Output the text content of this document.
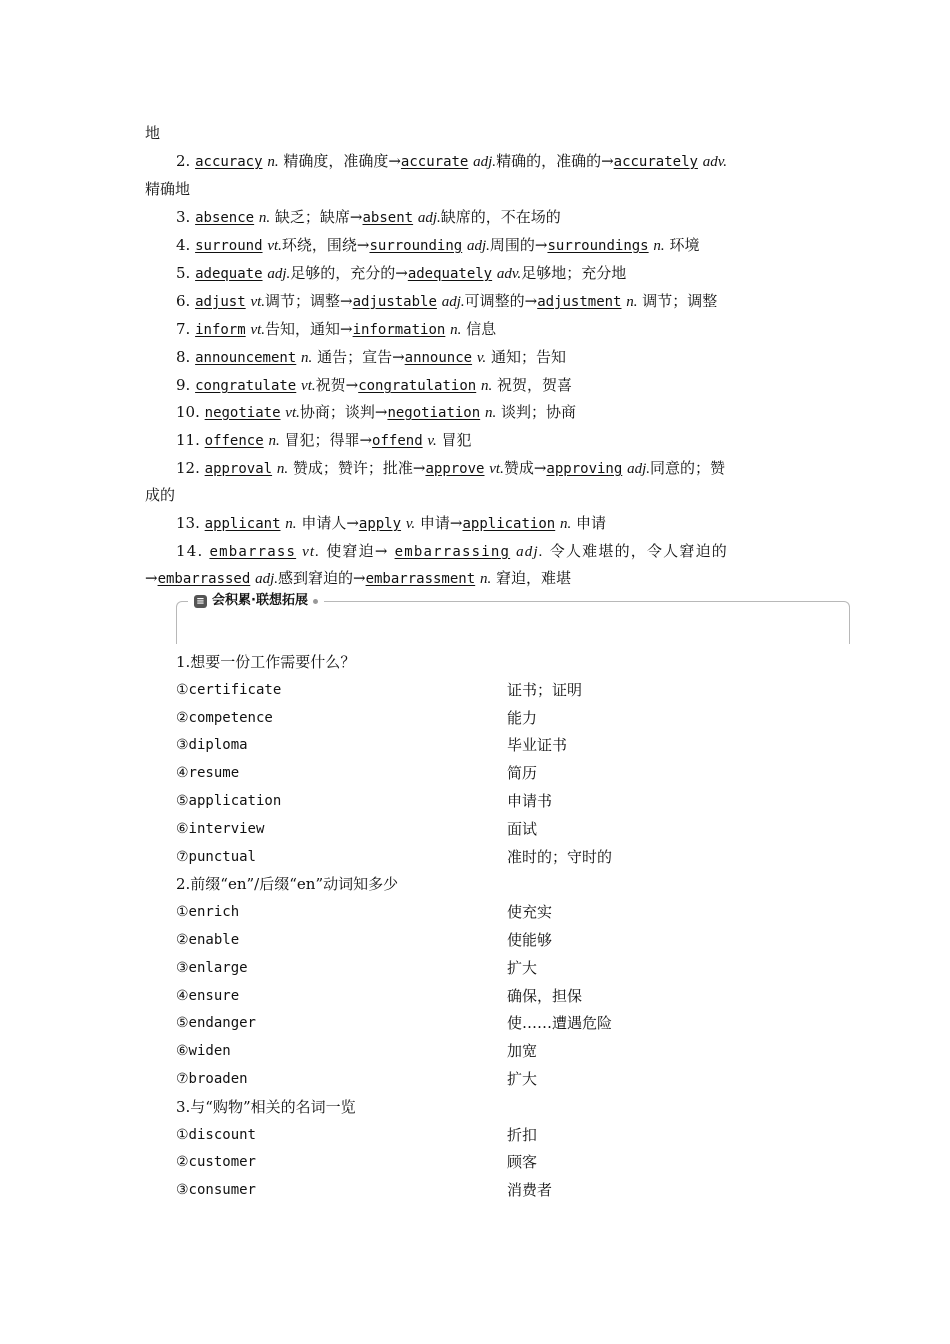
地
2. accuracy n. 精确度，准确度→accurate adj.精确的，准确的→accurately adv.
精确地
3. absence n. 缺乏；缺席→absent adj.缺席的，不在场的
4. surround vt.环绕，围绕→surrounding adj.周围的→surroundings n. 环境
5. adequate adj.足够的，充分的→adequately adv.足够地；充分地
6. adjust vt.调节；调整→adjustable adj.可调整的→adjustment n. 调节；调整
7. inform vt.告知，通知→information n. 信息
8. announcement n. 通告；宣告→announce v. 通知；告知
9. congratulate vt.祝贺→congratulation n. 祝贺，贺喜
10. negotiate vt.协商；谈判→negotiation n. 谈判；协商
11. offence n. 冒犯；得罪→offend v. 冒犯
12. approval n. 赞成；赞许；批准→approve vt.赞成→approving adj.同意的；赞
成的
13. applicant n. 申请人→apply v. 申请→application n. 申请
14. embarrass vt. 使窘迫→ embarrassing adj. 令人难堪的，令人窘迫的
→embarrassed adj.感到窘迫的→embarrassment n. 窘迫，难堪
≡ 会积累·联想拓展
1.想要一份工作需要什么？
①certificate	证书；证明
②competence	能力
③diploma	毕业证书
④resume	简历
⑤application	申请书
⑥interview	面试
⑦punctual	准时的；守时的
2.前缀“en”/后缀“en”动词知多少
①enrich	使充实
②enable	使能够
③enlarge	扩大
④ensure	确保，担保
⑤endanger	使……遭遇危险
⑥widen	加宽
⑦broaden	扩大
3.与“购物”相关的名词一览
①discount	折扣
②customer	顾客
③consumer	消费者
